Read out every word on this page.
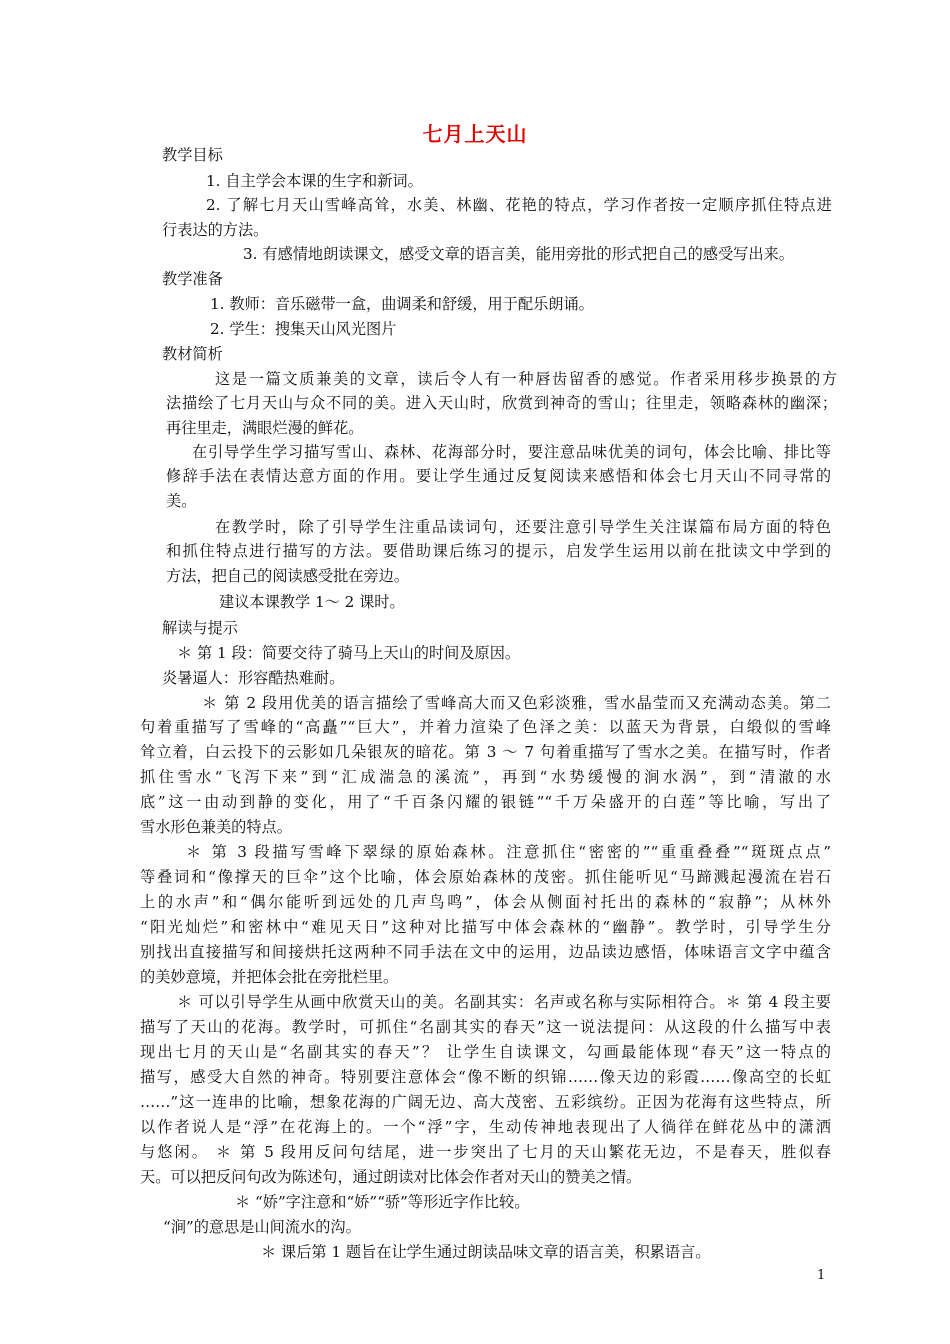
七月上天山
教学目标
1. 自主学会本课的生字和新词。
2. 了解七月天山雪峰高耸，水美、林幽、花艳的特点，学习作者按一定顺序抓住特点进
行表达的方法。
3. 有感情地朗读课文，感受文章的语言美，能用旁批的形式把自己的感受写出来。
教学准备
1. 教师：音乐磁带一盒，曲调柔和舒缓，用于配乐朗诵。
2. 学生：搜集天山风光图片
教材简析
这是一篇文质兼美的文章，读后令人有一种唇齿留香的感觉。作者采用移步换景的方
法描绘了七月天山与众不同的美。进入天山时，欣赏到神奇的雪山；往里走，领略森林的幽深；
再往里走，满眼烂漫的鲜花。
在引导学生学习描写雪山、森林、花海部分时，要注意品味优美的词句，体会比喻、排比等
修辞手法在表情达意方面的作用。要让学生通过反复阅读来感悟和体会七月天山不同寻常的
美。
在教学时，除了引导学生注重品读词句，还要注意引导学生关注谋篇布局方面的特色
和抓住特点进行描写的方法。要借助课后练习的提示，启发学生运用以前在批读文中学到的
方法，把自己的阅读感受批在旁边。
建议本课教学 1～ 2 课时。
解读与提示
＊ 第 1 段：简要交待了骑马上天山的时间及原因。
炎暑逼人：形容酷热难耐。
＊ 第 2 段用优美的语言描绘了雪峰高大而又色彩淡雅，雪水晶莹而又充满动态美。第二
句着重描写了雪峰的“高矗”“巨大”，并着力渲染了色泽之美：以蓝天为背景，白缎似的雪峰
耸立着，白云投下的云影如几朵银灰的暗花。第 3 ～ 7 句着重描写了雪水之美。在描写时，作者
抓住雪水“飞泻下来”到“汇成湍急的溪流”，再到“水势缓慢的涧水涡”，到“清澈的水
底”这一由动到静的变化，用了“千百条闪耀的银链”“千万朵盛开的白莲”等比喻，写出了
雪水形色兼美的特点。
＊ 第 3 段描写雪峰下翠绿的原始森林。注意抓住“密密的”“重重叠叠”“斑斑点点”
等叠词和“像撑天的巨伞”这个比喻，体会原始森林的茂密。抓住能听见“马蹄溅起漫流在岩石
上的水声”和“偶尔能听到远处的几声鸟鸣”，体会从侧面衬托出的森林的“寂静”；从林外
“阳光灿烂”和密林中“难见天日”这种对比描写中体会森林的“幽静”。教学时，引导学生分
别找出直接描写和间接烘托这两种不同手法在文中的运用，边品读边感悟，体味语言文字中蕴含
的美妙意境，并把体会批在旁批栏里。
＊ 可以引导学生从画中欣赏天山的美。名副其实：名声或名称与实际相符合。＊ 第 4 段主要
描写了天山的花海。教学时，可抓住“名副其实的春天”这一说法提问：从这段的什么描写中表
现出七月的天山是“名副其实的春天”？ 让学生自读课文，勾画最能体现“春天”这一特点的
描写，感受大自然的神奇。特别要注意体会“像不断的织锦……像天边的彩霞……像高空的长虹
……”这一连串的比喻，想象花海的广阔无边、高大茂密、五彩缤纷。正因为花海有这些特点，所
以作者说人是“浮”在花海上的。一个“浮”字，生动传神地表现出了人徜徉在鲜花丛中的潇洒
与悠闲。 ＊ 第 5 段用反问句结尾，进一步突出了七月的天山繁花无边，不是春天，胜似春
天。可以把反问句改为陈述句，通过朗读对比体会作者对天山的赞美之情。
＊ “娇”字注意和“娇”“骄”等形近字作比较。
“涧”的意思是山间流水的沟。
＊ 课后第 1 题旨在让学生通过朗读品味文章的语言美，积累语言。
1
